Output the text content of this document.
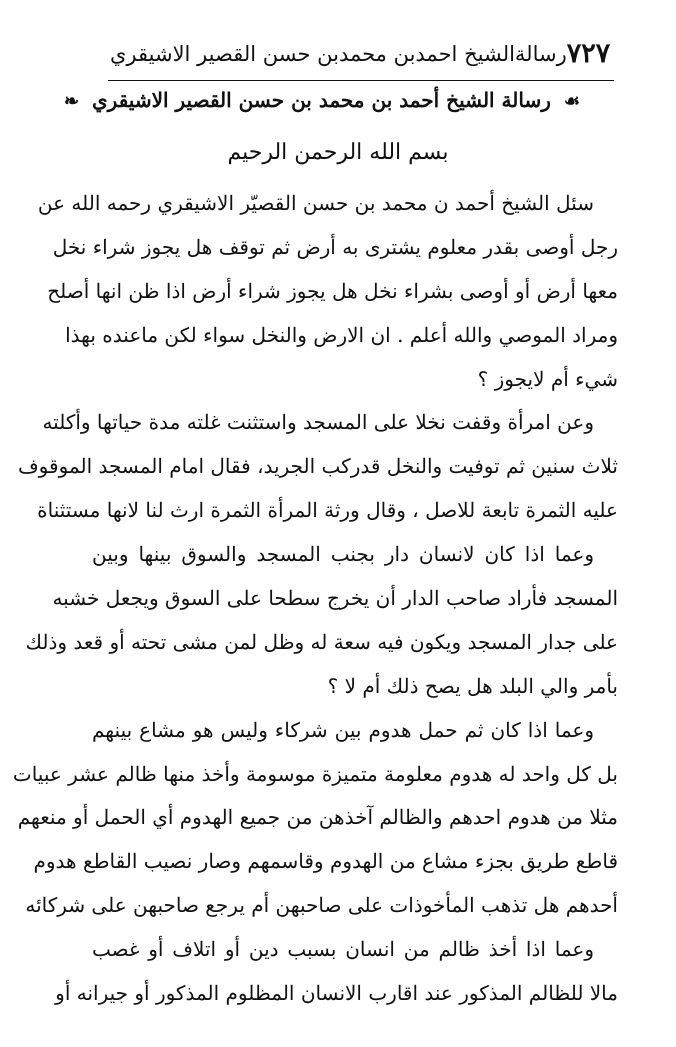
رسالةالشيخ احمدبن محمدبن حسن القصير الاشيقري ٧٢٧
☙ رسالة الشيخ أحمد بن محمد بن حسن القصير الاشيقري ❧
بسم الله الرحمن الرحيم
سئل الشيخ أحمد ن محمد بن حسن القصيّر الاشيقري رحمه الله عن
رجل أوصى بقدر معلوم يشترى به أرض ثم توقف هل يجوز شراء نخل
معها أرض أو أوصى بشراء نخل هل يجوز شراء أرض اذا ظن انها أصلح
ومراد الموصي والله أعلم . ان الارض والنخل سواء لكن ماعنده بهذا
شيء أم لايجوز ؟
وعن امرأة وقفت نخلا على المسجد واستثنت غلته مدة حياتها وأكلته
ثلاث سنين ثم توفيت والنخل قدركب الجريد، فقال امام المسجد الموقوف
عليه الثمرة تابعة للاصل ، وقال ورثة المرأة الثمرة ارث لنا لانها مستثناة
وعما اذا كان لانسان دار بجنب المسجد والسوق بينها وبين
المسجد فأراد صاحب الدار أن يخرج سطحا على السوق ويجعل خشبه
على جدار المسجد ويكون فيه سعة له وظل لمن مشى تحته أو قعد وذلك
بأمر والي البلد هل يصح ذلك أم لا ؟
وعما اذا كان ثم حمل هدوم بين شركاء وليس هو مشاع بينهم
بل كل واحد له هدوم معلومة متميزة موسومة وأخذ منها ظالم عشر عبيات
مثلا من هدوم احدهم والظالم آخذهن من جميع الهدوم أي الحمل أو منعهم
قاطع طريق بجزء مشاع من الهدوم وقاسمهم وصار نصيب القاطع هدوم
أحدهم هل تذهب المأخوذات على صاحبهن أم يرجع صاحبهن على شركائه
وعما اذا أخذ ظالم من انسان بسبب دين أو اتلاف أو غصب
مالا للظالم المذكور عند اقارب الانسان المظلوم المذكور أو جيرانه أو
